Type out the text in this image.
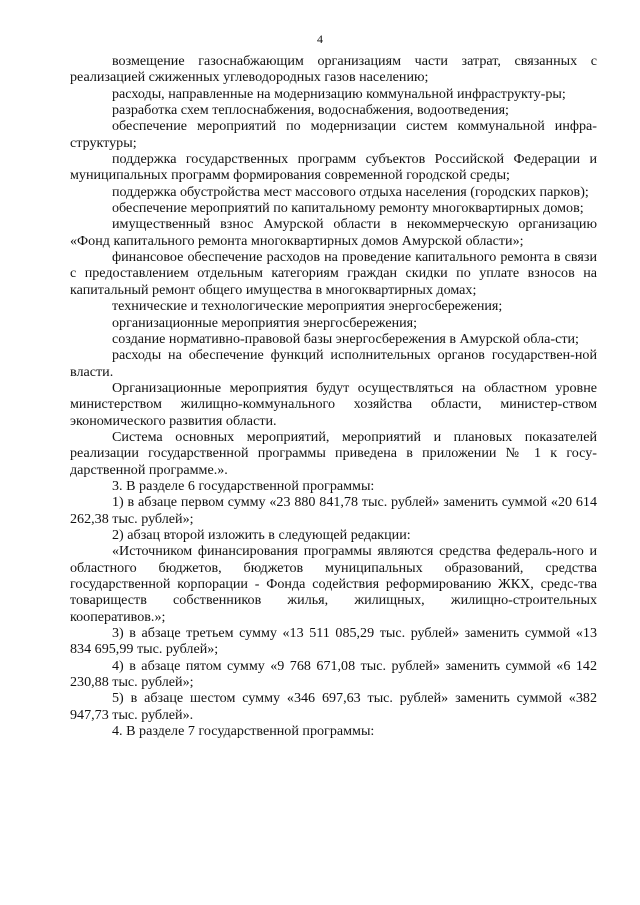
4

возмещение газоснабжающим организациям части затрат, связанных с реализацией сжиженных углеводородных газов населению;

расходы, направленные на модернизацию коммунальной инфраструкту-ры;

разработка схем теплоснабжения, водоснабжения, водоотведения;

обеспечение мероприятий по модернизации систем коммунальной инфра-структуры;

поддержка государственных программ субъектов Российской Федерации и муниципальных программ формирования современной городской среды;

поддержка обустройства мест массового отдыха населения (городских парков);

обеспечение мероприятий по капитальному ремонту многоквартирных домов;

имущественный взнос Амурской области в некоммерческую организацию «Фонд капитального ремонта многоквартирных домов Амурской области»;

финансовое обеспечение расходов на проведение капитального ремонта в связи с предоставлением отдельным категориям граждан скидки по уплате взносов на капитальный ремонт общего имущества в многоквартирных домах;

технические и технологические мероприятия энергосбережения;

организационные мероприятия энергосбережения;

создание нормативно-правовой базы энергосбережения в Амурской обла-сти;

расходы на обеспечение функций исполнительных органов государствен-ной власти.

Организационные мероприятия будут осуществляться на областном уровне министерством жилищно-коммунального хозяйства области, министер-ством экономического развития области.

Система основных мероприятий, мероприятий и плановых показателей реализации государственной программы приведена в приложении № 1 к госу-дарственной программе.».

3. В разделе 6 государственной программы:

1) в абзаце первом сумму «23 880 841,78 тыс. рублей» заменить суммой «20 614 262,38 тыс. рублей»;

2) абзац второй изложить в следующей редакции:

«Источником финансирования программы являются средства федераль-ного и областного бюджетов, бюджетов муниципальных образований, средства государственной корпорации - Фонда содействия реформированию ЖКХ, средс-тва товариществ собственников жилья, жилищных, жилищно-строительных кооперативов.»;

3) в абзаце третьем сумму «13 511 085,29 тыс. рублей» заменить суммой «13 834 695,99 тыс. рублей»;

4) в абзаце пятом сумму «9 768 671,08 тыс. рублей» заменить суммой «6 142 230,88 тыс. рублей»;

5) в абзаце шестом сумму «346 697,63 тыс. рублей» заменить суммой «382 947,73 тыс. рублей».

4. В разделе 7 государственной программы:
